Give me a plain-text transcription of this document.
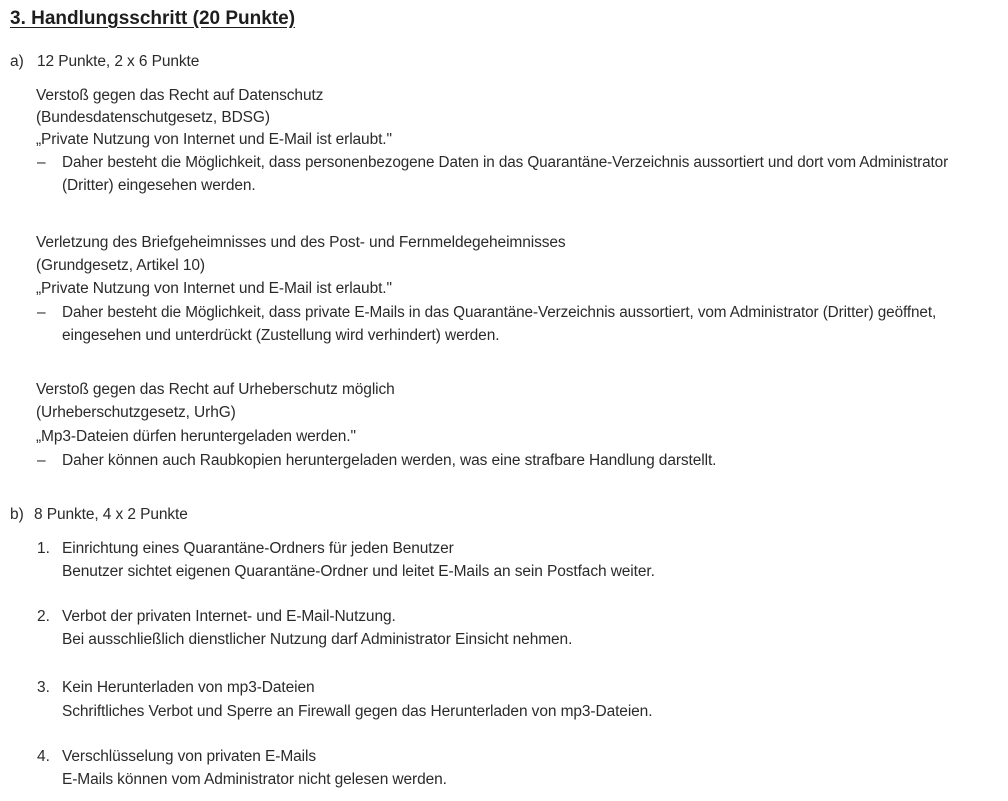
3. Handlungsschritt (20 Punkte)
a) 12 Punkte, 2 x 6 Punkte
Verstoß gegen das Recht auf Datenschutz
(Bundesdatenschutgesetz, BDSG)
„Private Nutzung von Internet und E-Mail ist erlaubt."
– Daher besteht die Möglichkeit, dass personenbezogene Daten in das Quarantäne-Verzeichnis aussortiert und dort vom Administrator
(Dritter) eingesehen werden.
Verletzung des Briefgeheimnisses und des Post- und Fernmeldegeheimnisses
(Grundgesetz, Artikel 10)
„Private Nutzung von Internet und E-Mail ist erlaubt."
– Daher besteht die Möglichkeit, dass private E-Mails in das Quarantäne-Verzeichnis aussortiert, vom Administrator (Dritter) geöffnet,
eingesehen und unterdrückt (Zustellung wird verhindert) werden.
Verstoß gegen das Recht auf Urheberschutz möglich
(Urheberschutzgesetz, UrhG)
„Mp3-Dateien dürfen heruntergeladen werden."
– Daher können auch Raubkopien heruntergeladen werden, was eine strafbare Handlung darstellt.
b) 8 Punkte, 4 x 2 Punkte
1. Einrichtung eines Quarantäne-Ordners für jeden Benutzer
Benutzer sichtet eigenen Quarantäne-Ordner und leitet E-Mails an sein Postfach weiter.
2. Verbot der privaten Internet- und E-Mail-Nutzung.
Bei ausschließlich dienstlicher Nutzung darf Administrator Einsicht nehmen.
3. Kein Herunterladen von mp3-Dateien
Schriftliches Verbot und Sperre an Firewall gegen das Herunterladen von mp3-Dateien.
4. Verschlüsselung von privaten E-Mails
E-Mails können vom Administrator nicht gelesen werden.
